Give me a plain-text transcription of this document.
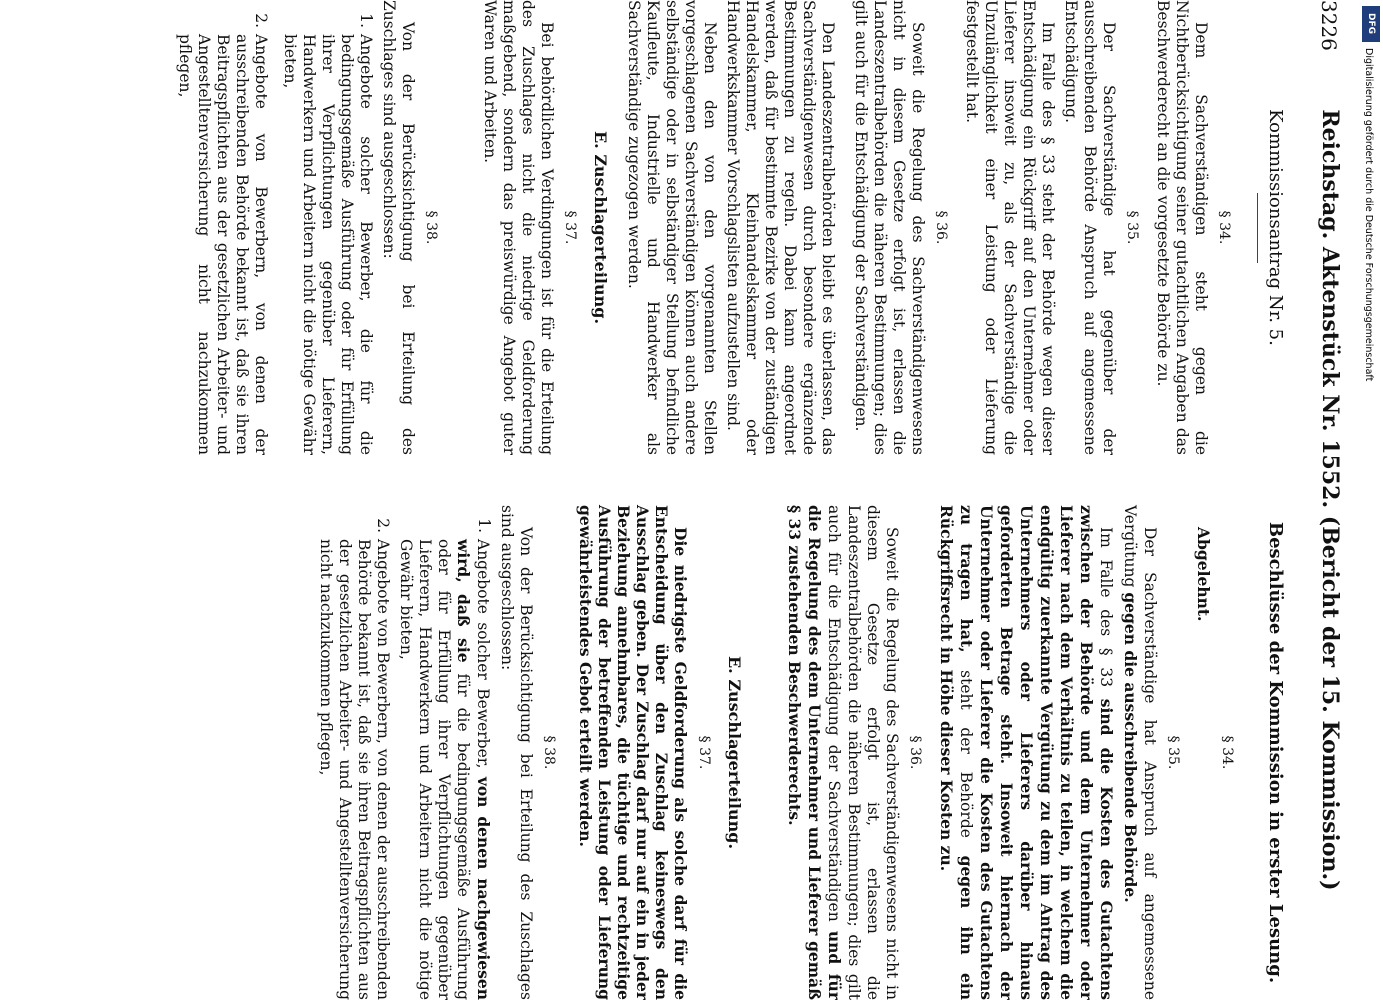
3226
Reichstag. Aktenstück Nr. 1552. (Bericht der 15. Kommission.)
Kommissionsantrag Nr. 5.
§ 34.

Dem Sachverständigen steht gegen die Nichtberücksichtigung seiner gutachtlichen Angaben das Beschwerderecht an die vorgesetzte Behörde zu.

§ 35.

Der Sachverständige hat gegenüber der ausschreibenden Behörde Anspruch auf angemessene Entschädigung.

Im Falle des § 33 steht der Behörde wegen dieser Entschädigung ein Rückgriff auf den Unternehmer oder Lieferer insoweit zu, als der Sachverständige die Unzulänglichkeit einer Leistung oder Lieferung festgestellt hat.

§ 36.

Soweit die Regelung des Sachverständigenwesens nicht in diesem Gesetze erfolgt ist, erlassen die Landeszentralbehörden die näheren Bestimmungen; dies gilt auch für die Entschädigung der Sachverständigen.

Den Landeszentralbehörden bleibt es überlassen, das Sachverständigenwesen durch besondere ergänzende Bestimmungen zu regeln. Dabei kann angeordnet werden, daß für bestimmte Bezirke von der zuständigen Handelskammer, Kleinhandelskammer oder Handwerkskammer Vorschlagslisten aufzustellen sind.

Neben den von den vorgenannten Stellen vorgeschlagenen Sachverständigen können auch andere selbständige oder in selbständiger Stellung befindliche Kaufleute, Industrielle und Handwerker als Sachverständige zugezogen werden.

E. Zuschlagerteilung.
§ 37.

Bei behördlichen Verdingungen ist für die Erteilung des Zuschlages nicht die niedrige Geldforderung maßgebend, sondern das preiswürdige Angebot guter Waren und Arbeiten.

§ 38.

Von der Berücksichtigung bei Erteilung des Zuschlages sind ausgeschlossen:

1.
Angebote solcher Bewerber, die für die bedingungsgemäße Ausführung oder für Erfüllung ihrer Verpflichtungen gegenüber Lieferern, Handwerkern und Arbeitern nicht die nötige Gewähr bieten,
2.
Angebote von Bewerbern, von denen der ausschreibenden Behörde bekannt ist, daß sie ihren Beitragspflichten aus der gesetzlichen Arbeiter- und Angestelltenversicherung nicht nachzukommen pflegen,
Beschlüsse der Kommission in erster Lesung.
§ 34.

Abgelehnt.

§ 35.

Der Sachverständige hat Anspruch auf angemessene Vergütung gegen die ausschreibende Behörde.

Im Falle des § 33 sind die Kosten des Gutachtens zwischen der Behörde und dem Unternehmer oder Lieferer nach dem Verhältnis zu teilen, in welchem die endgültig zuerkannte Vergütung zu dem im Antrag des Unternehmers oder Lieferers darüber hinaus geforderten Betrage steht. Insoweit hiernach der Unternehmer oder Lieferer die Kosten des Gutachtens zu tragen hat, steht der Behörde gegen ihn ein Rückgriffsrecht in Höhe dieser Kosten zu.

§ 36.

Soweit die Regelung des Sachverständigenwesens nicht in diesem Gesetze erfolgt ist, erlassen die Landeszentralbehörden die näheren Bestimmungen; dies gilt auch für die Entschädigung der Sachverständigen und für die Regelung des dem Unternehmer und Lieferer gemäß § 33 zustehenden Beschwerderechts.

E. Zuschlagerteilung.
§ 37.

Die niedrigste Geldforderung als solche darf für die Entscheidung über den Zuschlag keineswegs den Ausschlag geben. Der Zuschlag darf nur auf ein in jeder Beziehung annehmbares, die tüchtige und rechtzeitige Ausführung der betreffenden Leistung oder Lieferung gewährleistendes Gebot erteilt werden.

§ 38.

Von der Berücksichtigung bei Erteilung des Zuschlages sind ausgeschlossen:

1.
Angebote solcher Bewerber, von denen nachgewiesen wird, daß sie für die bedingungsgemäße Ausführung oder für Erfüllung ihrer Verpflichtungen gegenüber Lieferern, Handwerkern und Arbeitern nicht die nötige Gewähr bieten,
2.
Angebote von Bewerbern, von denen der ausschreibenden Behörde bekannt ist, daß sie ihren Beitragspflichten aus der gesetzlichen Arbeiter- und Angestelltenversicherung nicht nachzukommen pflegen,
DFG
Digitalisierung gefördert durch die Deutsche Forschungsgemeinschaft
